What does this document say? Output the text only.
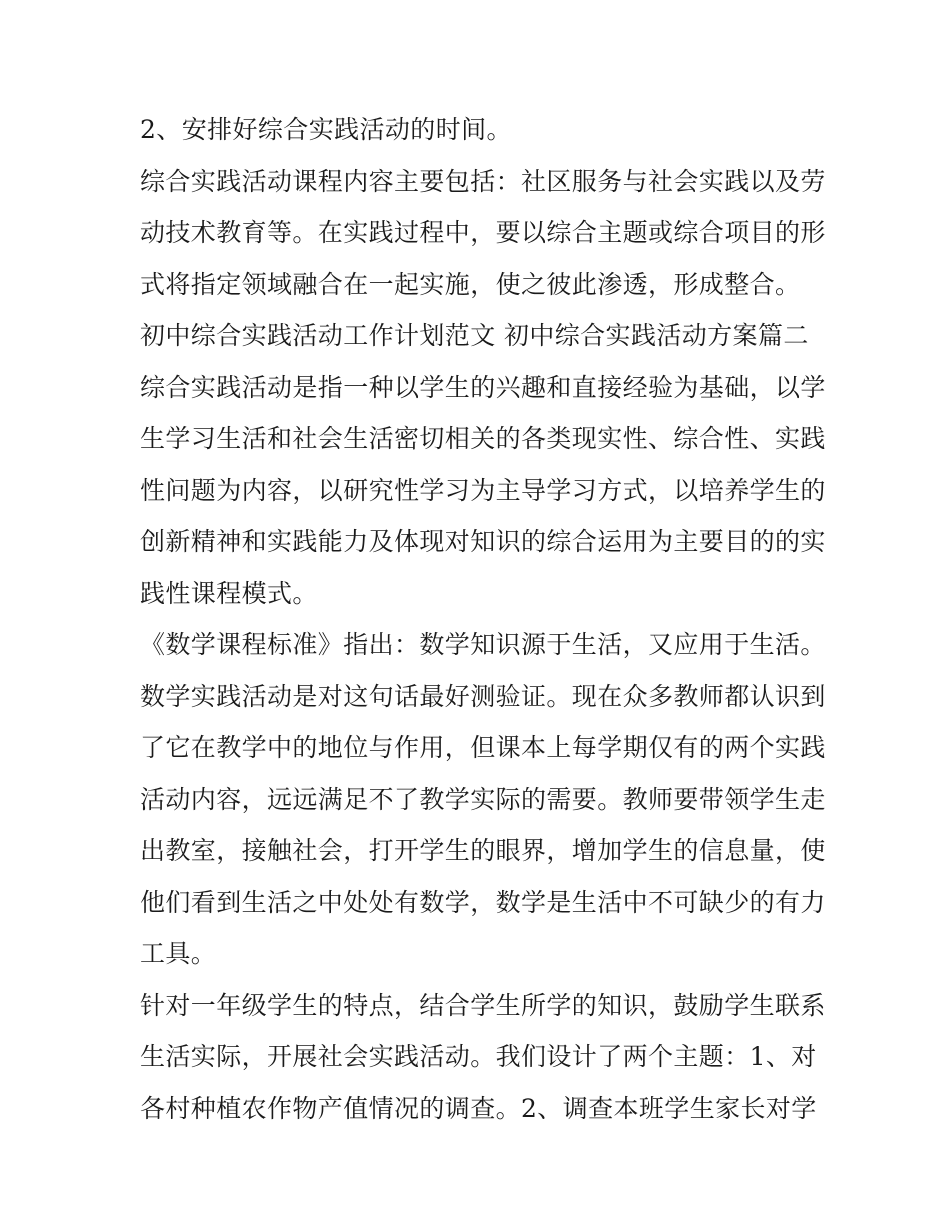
2、安排好综合实践活动的时间。
综合实践活动课程内容主要包括：社区服务与社会实践以及劳
动技术教育等。在实践过程中，要以综合主题或综合项目的形
式将指定领域融合在一起实施，使之彼此渗透，形成整合。
初中综合实践活动工作计划范文 初中综合实践活动方案篇二
综合实践活动是指一种以学生的兴趣和直接经验为基础，以学
生学习生活和社会生活密切相关的各类现实性、综合性、实践
性问题为内容，以研究性学习为主导学习方式，以培养学生的
创新精神和实践能力及体现对知识的综合运用为主要目的的实
践性课程模式。
《数学课程标准》指出：数学知识源于生活，又应用于生活。
数学实践活动是对这句话最好测验证。现在众多教师都认识到
了它在教学中的地位与作用，但课本上每学期仅有的两个实践
活动内容，远远满足不了教学实际的需要。教师要带领学生走
出教室，接触社会，打开学生的眼界，增加学生的信息量，使
他们看到生活之中处处有数学，数学是生活中不可缺少的有力
工具。
针对一年级学生的特点，结合学生所学的知识，鼓励学生联系
生活实际，开展社会实践活动。我们设计了两个主题：1、对
各村种植农作物产值情况的调查。2、调查本班学生家长对学
